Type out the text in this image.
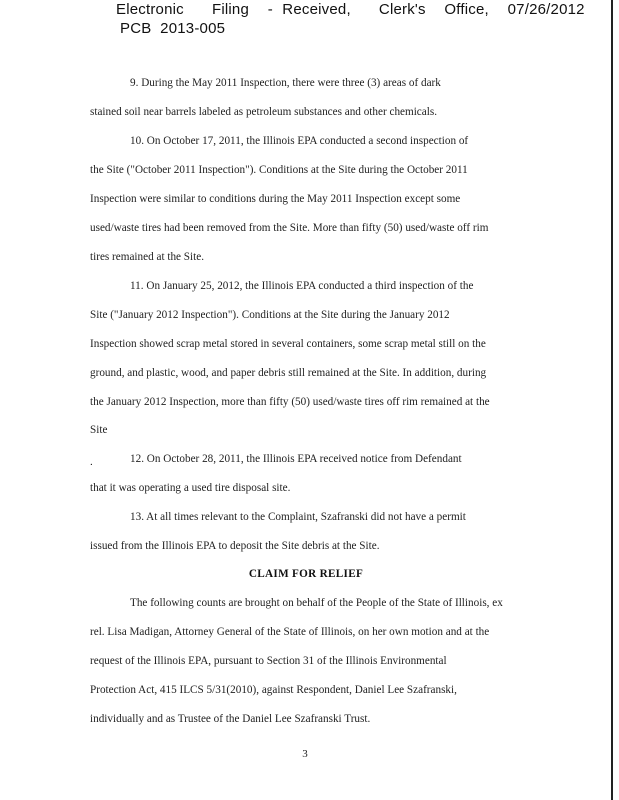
Electronic   Filing  - Received,   Clerk's  Office,  07/26/2012
PCB  2013-005
9. During the May 2011 Inspection, there were three (3) areas of dark
stained soil near barrels labeled as petroleum substances and other chemicals.
10. On October 17, 2011, the Illinois EPA conducted a second inspection of
the Site ("October 2011 Inspection"). Conditions at the Site during the October 2011
Inspection were similar to conditions during the May 2011 Inspection except some
used/waste tires had been removed from the Site. More than fifty (50) used/waste off rim
tires remained at the Site.
11. On January 25, 2012, the Illinois EPA conducted a third inspection of the
Site ("January 2012 Inspection"). Conditions at the Site during the January 2012
Inspection showed scrap metal stored in several containers, some scrap metal still on the
ground, and plastic, wood, and paper debris still remained at the Site. In addition, during
the January 2012 Inspection, more than fifty (50) used/waste tires off rim remained at the
Site
.	12. On October 28, 2011, the Illinois EPA received notice from Defendant
that it was operating a used tire disposal site.
13. At all times relevant to the Complaint, Szafranski did not have a permit
issued from the Illinois EPA to deposit the Site debris at the Site.
CLAIM FOR RELIEF
The following counts are brought on behalf of the People of the State of Illinois, ex
rel. Lisa Madigan, Attorney General of the State of Illinois, on her own motion and at the
request of the Illinois EPA, pursuant to Section 31 of the Illinois Environmental
Protection Act, 415 ILCS 5/31(2010), against Respondent, Daniel Lee Szafranski,
individually and as Trustee of the Daniel Lee Szafranski Trust.
3
